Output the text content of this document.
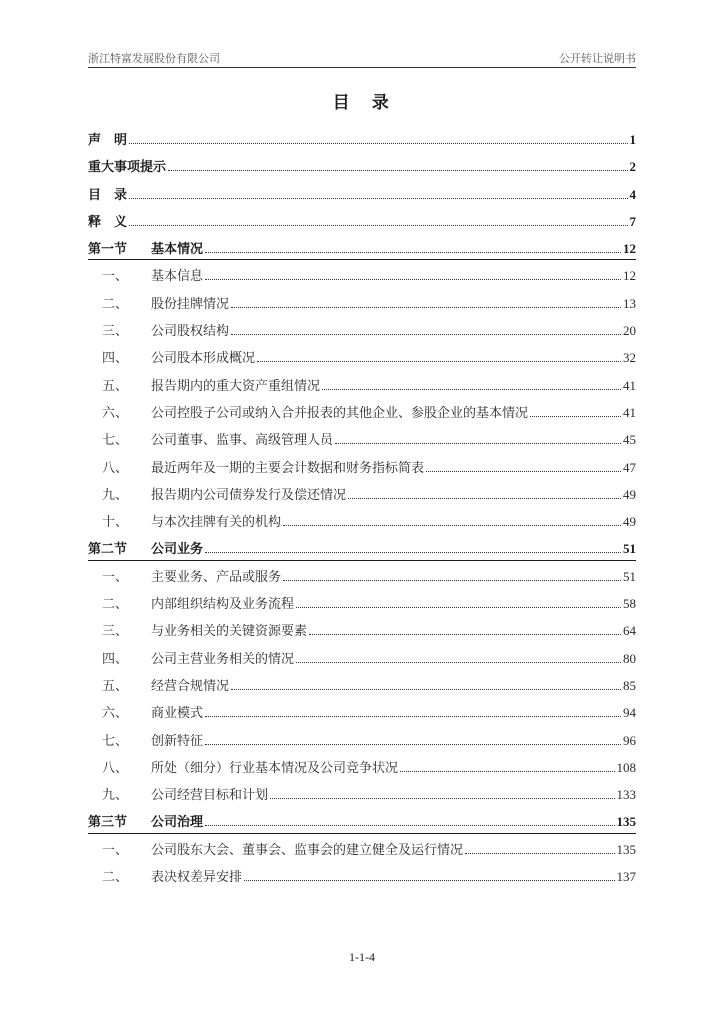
浙江特富发展股份有限公司	公开转让说明书
目　录
声　明	1
重大事项提示	2
目　录	4
释　义	7
第一节 基本情况	12
一、 基本信息	12
二、 股份挂牌情况	13
三、 公司股权结构	20
四、 公司股本形成概况	32
五、 报告期内的重大资产重组情况	41
六、 公司控股子公司或纳入合并报表的其他企业、参股企业的基本情况	41
七、 公司董事、监事、高级管理人员	45
八、 最近两年及一期的主要会计数据和财务指标简表	47
九、 报告期内公司债券发行及偿还情况	49
十、 与本次挂牌有关的机构	49
第二节 公司业务	51
一、 主要业务、产品或服务	51
二、 内部组织结构及业务流程	58
三、 与业务相关的关键资源要素	64
四、 公司主营业务相关的情况	80
五、 经营合规情况	85
六、 商业模式	94
七、 创新特征	96
八、 所处（细分）行业基本情况及公司竞争状况	108
九、 公司经营目标和计划	133
第三节 公司治理	135
一、 公司股东大会、董事会、监事会的建立健全及运行情况	135
二、 表决权差异安排	137
1-1-4
